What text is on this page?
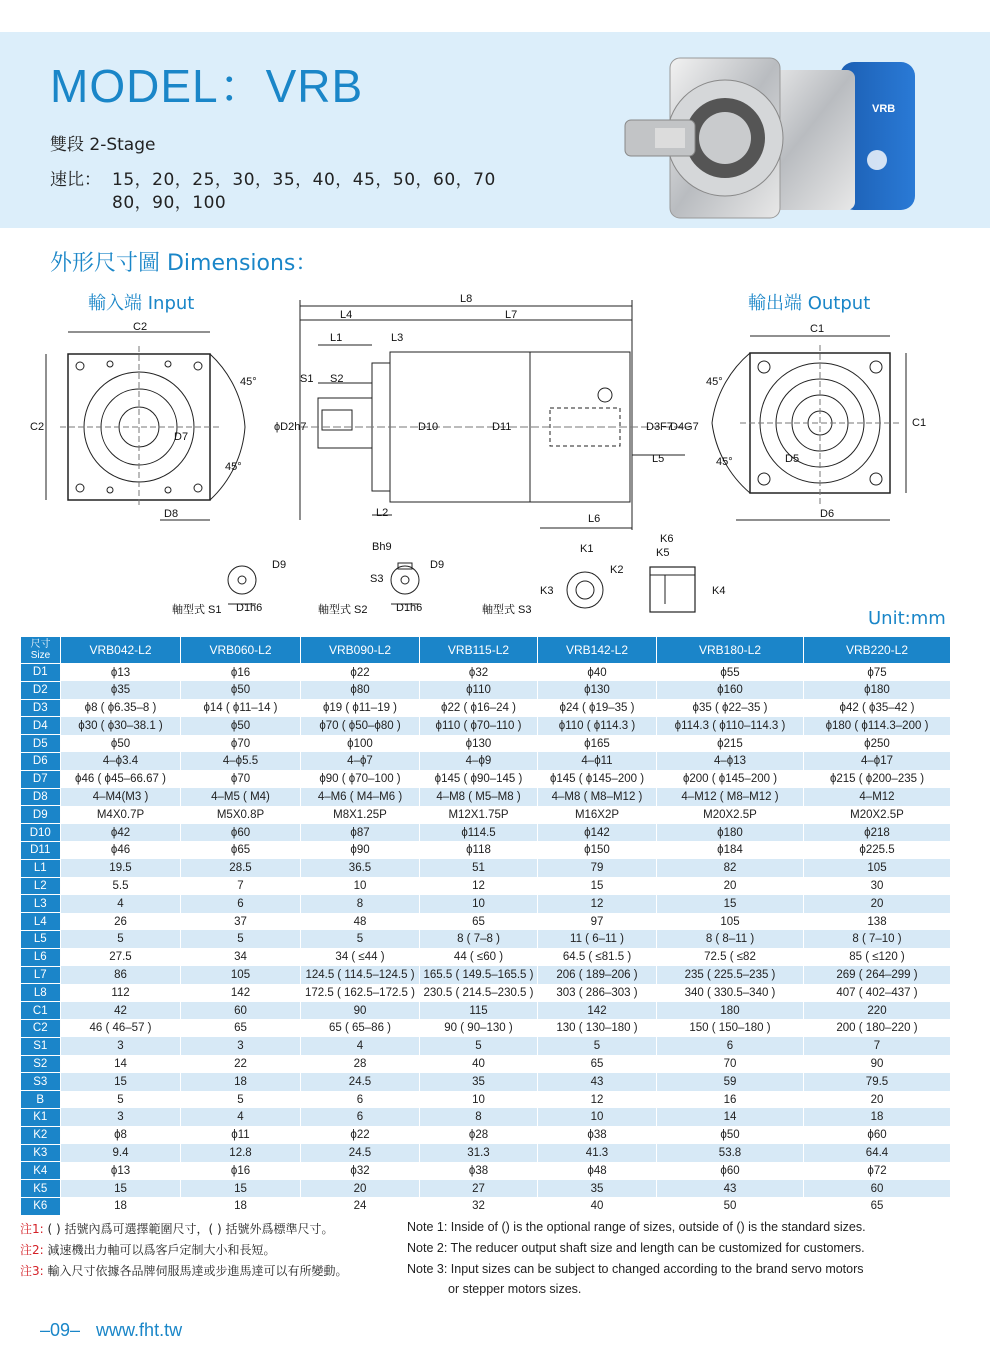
MODEL：VRB
雙段 2-Stage
速比： 15，20，25，30，35，40，45，50，60，70
80，90，100
VRB
外形尺寸圖 Dimensions：
輸入端 Input	輸出端 Output
C2
C2
D8
D7
45°
45°
L8
L4	L7
L1	L3
S1 S2
L2	L6
L5
ϕD2h7	D10	D11	D3F7
D4G7
C1
C1
D6
D5
45°
45°
D9
D1h6
Bh9
S3
D9
D1h6
K1
K2
K3
K6
K5
K4
軸型式 S1	軸型式 S2	軸型式 S3	Unit:mm
尺寸 Size	VRB042-L2	VRB060-L2	VRB090-L2	VRB115-L2	VRB142-L2	VRB180-L2	VRB220-L2
D1	ϕ13	ϕ16	ϕ22	ϕ32	ϕ40	ϕ55	ϕ75
D2	ϕ35	ϕ50	ϕ80	ϕ110	ϕ130	ϕ160	ϕ180
D3	ϕ8 ( ϕ6.35–8 )	ϕ14 ( ϕ11–14 )	ϕ19 ( ϕ11–19 )	ϕ22 ( ϕ16–24 )	ϕ24 ( ϕ19–35 )	ϕ35 ( ϕ22–35 )	ϕ42 ( ϕ35–42 )
D4	ϕ30 ( ϕ30–38.1 )	ϕ50	ϕ70 ( ϕ50–ϕ80 )	ϕ110 ( ϕ70–110 )	ϕ110 ( ϕ114.3 )	ϕ114.3 ( ϕ110–114.3 )	ϕ180 ( ϕ114.3–200 )
D5	ϕ50	ϕ70	ϕ100	ϕ130	ϕ165	ϕ215	ϕ250
D6	4–ϕ3.4	4–ϕ5.5	4–ϕ7	4–ϕ9	4–ϕ11	4–ϕ13	4–ϕ17
D7	ϕ46 ( ϕ45–66.67 )	ϕ70	ϕ90 ( ϕ70–100 )	ϕ145 ( ϕ90–145 )	ϕ145 ( ϕ145–200 )	ϕ200 ( ϕ145–200 )	ϕ215 ( ϕ200–235 )
D8	4–M4(M3 )	4–M5 ( M4)	4–M6 ( M4–M6 )	4–M8 ( M5–M8 )	4–M8 ( M8–M12 )	4–M12 ( M8–M12 )	4–M12
D9	M4X0.7P	M5X0.8P	M8X1.25P	M12X1.75P	M16X2P	M20X2.5P	M20X2.5P
D10	ϕ42	ϕ60	ϕ87	ϕ114.5	ϕ142	ϕ180	ϕ218
D11	ϕ46	ϕ65	ϕ90	ϕ118	ϕ150	ϕ184	ϕ225.5
L1	19.5	28.5	36.5	51	79	82	105
L2	5.5	7	10	12	15	20	30
L3	4	6	8	10	12	15	20
L4	26	37	48	65	97	105	138
L5	5	5	5	8 ( 7–8 )	11 ( 6–11 )	8 ( 8–11 )	8 ( 7–10 )
L6	27.5	34	34 ( ≤44 )	44 ( ≤60 )	64.5 ( ≤81.5 )	72.5 ( ≤82	85 ( ≤120 )
L7	86	105	124.5 ( 114.5–124.5 )	165.5 ( 149.5–165.5 )	206 ( 189–206 )	235 ( 225.5–235 )	269 ( 264–299 )
L8	112	142	172.5 ( 162.5–172.5 )	230.5 ( 214.5–230.5 )	303 ( 286–303 )	340 ( 330.5–340 )	407 ( 402–437 )
C1	42	60	90	115	142	180	220
C2	46 ( 46–57 )	65	65 ( 65–86 )	90 ( 90–130 )	130 ( 130–180 )	150 ( 150–180 )	200 ( 180–220 )
S1	3	3	4	5	5	6	7
S2	14	22	28	40	65	70	90
S3	15	18	24.5	35	43	59	79.5
B	5	5	6	10	12	16	20
K1	3	4	6	8	10	14	18
K2	ϕ8	ϕ11	ϕ22	ϕ28	ϕ38	ϕ50	ϕ60
K3	9.4	12.8	24.5	31.3	41.3	53.8	64.4
K4	ϕ13	ϕ16	ϕ32	ϕ38	ϕ48	ϕ60	ϕ72
K5	15	15	20	27	35	43	60
K6	18	18	24	32	40	50	65
注1: ( ) 括號內爲可選擇範圍尺寸，( ) 括號外爲標準尺寸。	Note 1: Inside of () is the optional range of sizes, outside of () is the standard sizes.
注2: 減速機出力軸可以爲客戶定制大小和長短。	Note 2: The reducer output shaft size and length can be customized for customers.
注3: 輸入尺寸依據各品牌伺服馬達或步進馬達可以有所變動。	Note 3: Input sizes can be subject to changed according to the brand servo motors
or stepper motors sizes.
–09– www.fht.tw
